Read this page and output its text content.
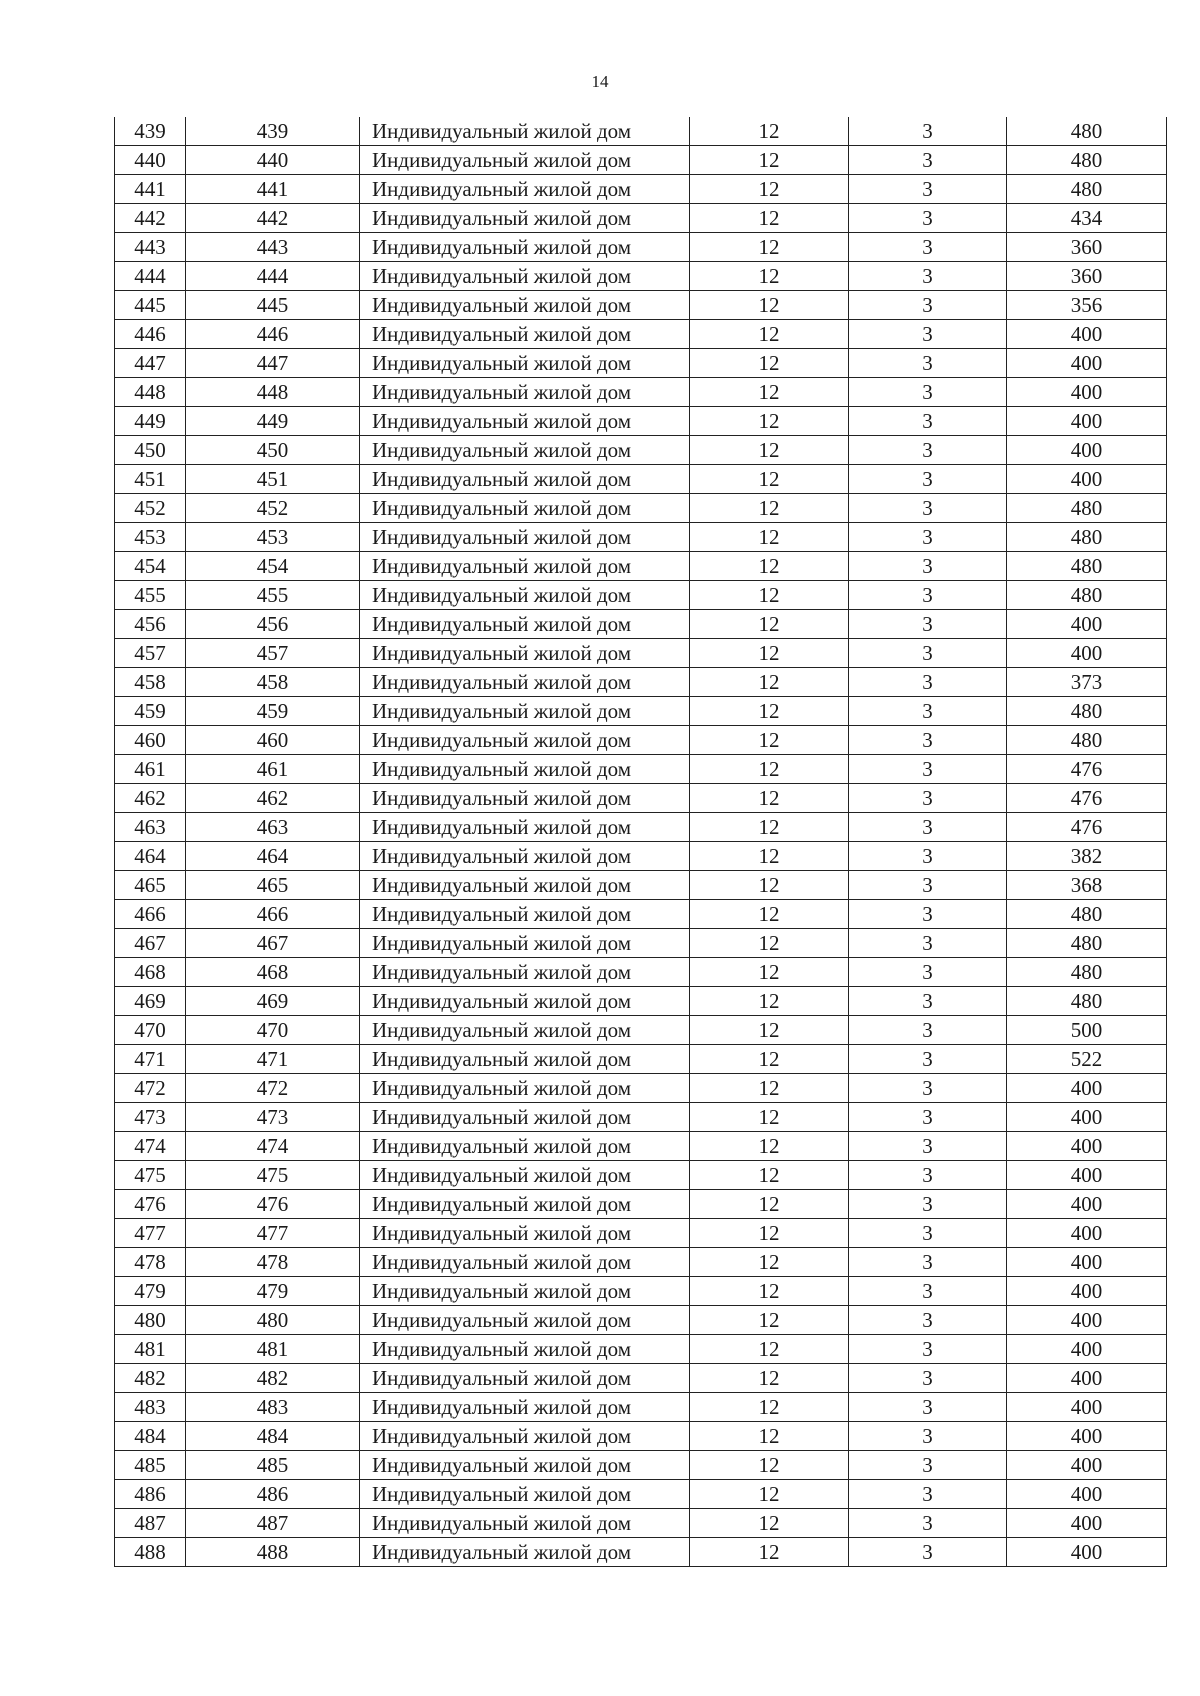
14
439	439	Индивидуальный жилой дом	12	3	480
440	440	Индивидуальный жилой дом	12	3	480
441	441	Индивидуальный жилой дом	12	3	480
442	442	Индивидуальный жилой дом	12	3	434
443	443	Индивидуальный жилой дом	12	3	360
444	444	Индивидуальный жилой дом	12	3	360
445	445	Индивидуальный жилой дом	12	3	356
446	446	Индивидуальный жилой дом	12	3	400
447	447	Индивидуальный жилой дом	12	3	400
448	448	Индивидуальный жилой дом	12	3	400
449	449	Индивидуальный жилой дом	12	3	400
450	450	Индивидуальный жилой дом	12	3	400
451	451	Индивидуальный жилой дом	12	3	400
452	452	Индивидуальный жилой дом	12	3	480
453	453	Индивидуальный жилой дом	12	3	480
454	454	Индивидуальный жилой дом	12	3	480
455	455	Индивидуальный жилой дом	12	3	480
456	456	Индивидуальный жилой дом	12	3	400
457	457	Индивидуальный жилой дом	12	3	400
458	458	Индивидуальный жилой дом	12	3	373
459	459	Индивидуальный жилой дом	12	3	480
460	460	Индивидуальный жилой дом	12	3	480
461	461	Индивидуальный жилой дом	12	3	476
462	462	Индивидуальный жилой дом	12	3	476
463	463	Индивидуальный жилой дом	12	3	476
464	464	Индивидуальный жилой дом	12	3	382
465	465	Индивидуальный жилой дом	12	3	368
466	466	Индивидуальный жилой дом	12	3	480
467	467	Индивидуальный жилой дом	12	3	480
468	468	Индивидуальный жилой дом	12	3	480
469	469	Индивидуальный жилой дом	12	3	480
470	470	Индивидуальный жилой дом	12	3	500
471	471	Индивидуальный жилой дом	12	3	522
472	472	Индивидуальный жилой дом	12	3	400
473	473	Индивидуальный жилой дом	12	3	400
474	474	Индивидуальный жилой дом	12	3	400
475	475	Индивидуальный жилой дом	12	3	400
476	476	Индивидуальный жилой дом	12	3	400
477	477	Индивидуальный жилой дом	12	3	400
478	478	Индивидуальный жилой дом	12	3	400
479	479	Индивидуальный жилой дом	12	3	400
480	480	Индивидуальный жилой дом	12	3	400
481	481	Индивидуальный жилой дом	12	3	400
482	482	Индивидуальный жилой дом	12	3	400
483	483	Индивидуальный жилой дом	12	3	400
484	484	Индивидуальный жилой дом	12	3	400
485	485	Индивидуальный жилой дом	12	3	400
486	486	Индивидуальный жилой дом	12	3	400
487	487	Индивидуальный жилой дом	12	3	400
488	488	Индивидуальный жилой дом	12	3	400
